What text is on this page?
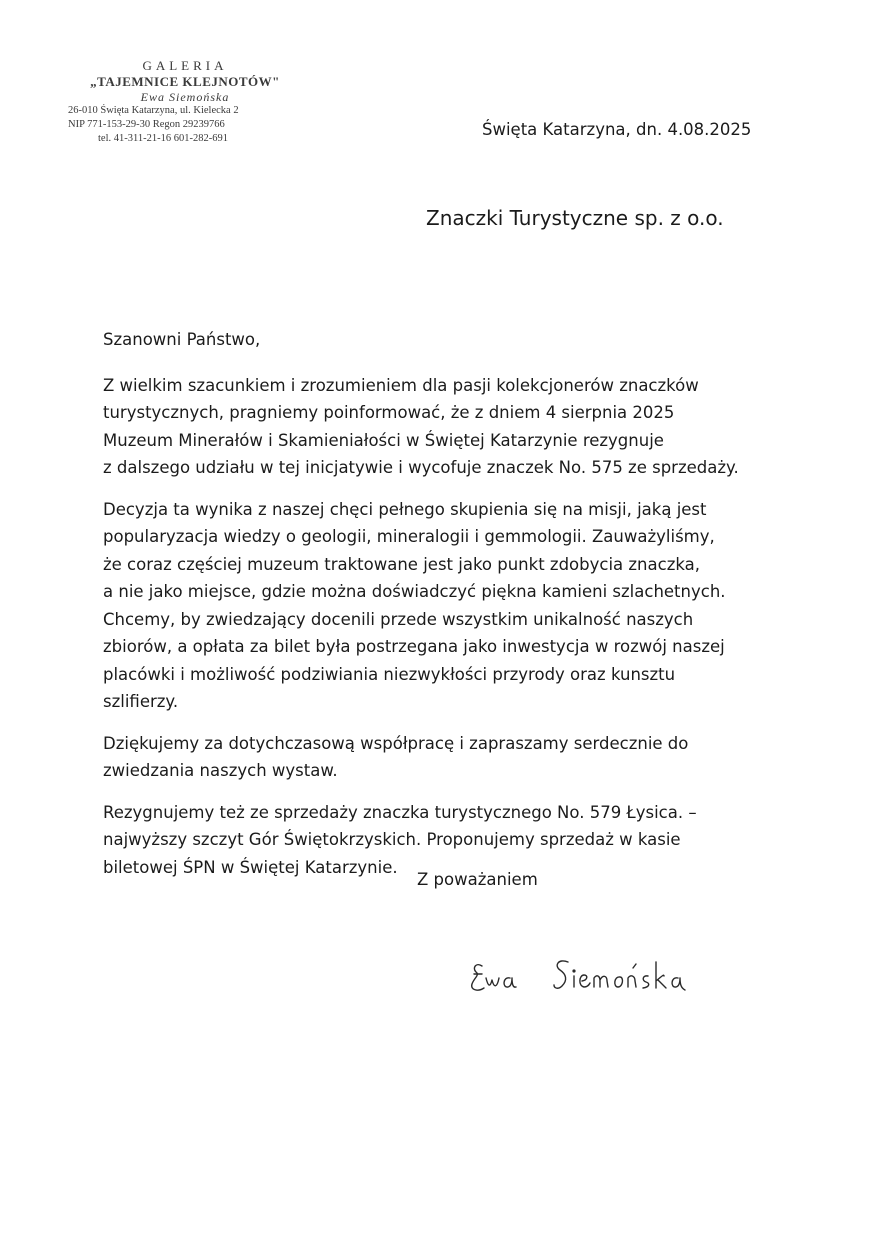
GALERIA
„TAJEMNICE KLEJNOTÓW"
Ewa Siemońska
26-010 Święta Katarzyna, ul. Kielecka 2
NIP 771-153-29-30 Regon 29239766
tel. 41-311-21-16 601-282-691	Święta Katarzyna, dn. 4.08.2025
Znaczki Turystyczne sp. z o.o.

Szanowni Państwo,

Z wielkim szacunkiem i zrozumieniem dla pasji kolekcjonerów znaczków
turystycznych, pragniemy poinformować, że z dniem 4 sierpnia 2025
Muzeum Minerałów i Skamieniałości w Świętej Katarzynie rezygnuje
z dalszego udziału w tej inicjatywie i wycofuje znaczek No. 575 ze sprzedaży.

Decyzja ta wynika z naszej chęci pełnego skupienia się na misji, jaką jest
popularyzacja wiedzy o geologii, mineralogii i gemmologii. Zauważyliśmy,
że coraz częściej muzeum traktowane jest jako punkt zdobycia znaczka,
a nie jako miejsce, gdzie można doświadczyć piękna kamieni szlachetnych.
Chcemy, by zwiedzający docenili przede wszystkim unikalność naszych
zbiorów, a opłata za bilet była postrzegana jako inwestycja w rozwój naszej
placówki i możliwość podziwiania niezwykłości przyrody oraz kunsztu
szlifierzy.

Dziękujemy za dotychczasową współpracę i zapraszamy serdecznie do
zwiedzania naszych wystaw.

Rezygnujemy też ze sprzedaży znaczka turystycznego No. 579 Łysica. –
najwyższy szczyt Gór Świętokrzyskich. Proponujemy sprzedaż w kasie
biletowej ŚPN w Świętej Katarzynie.

Z poważaniem
